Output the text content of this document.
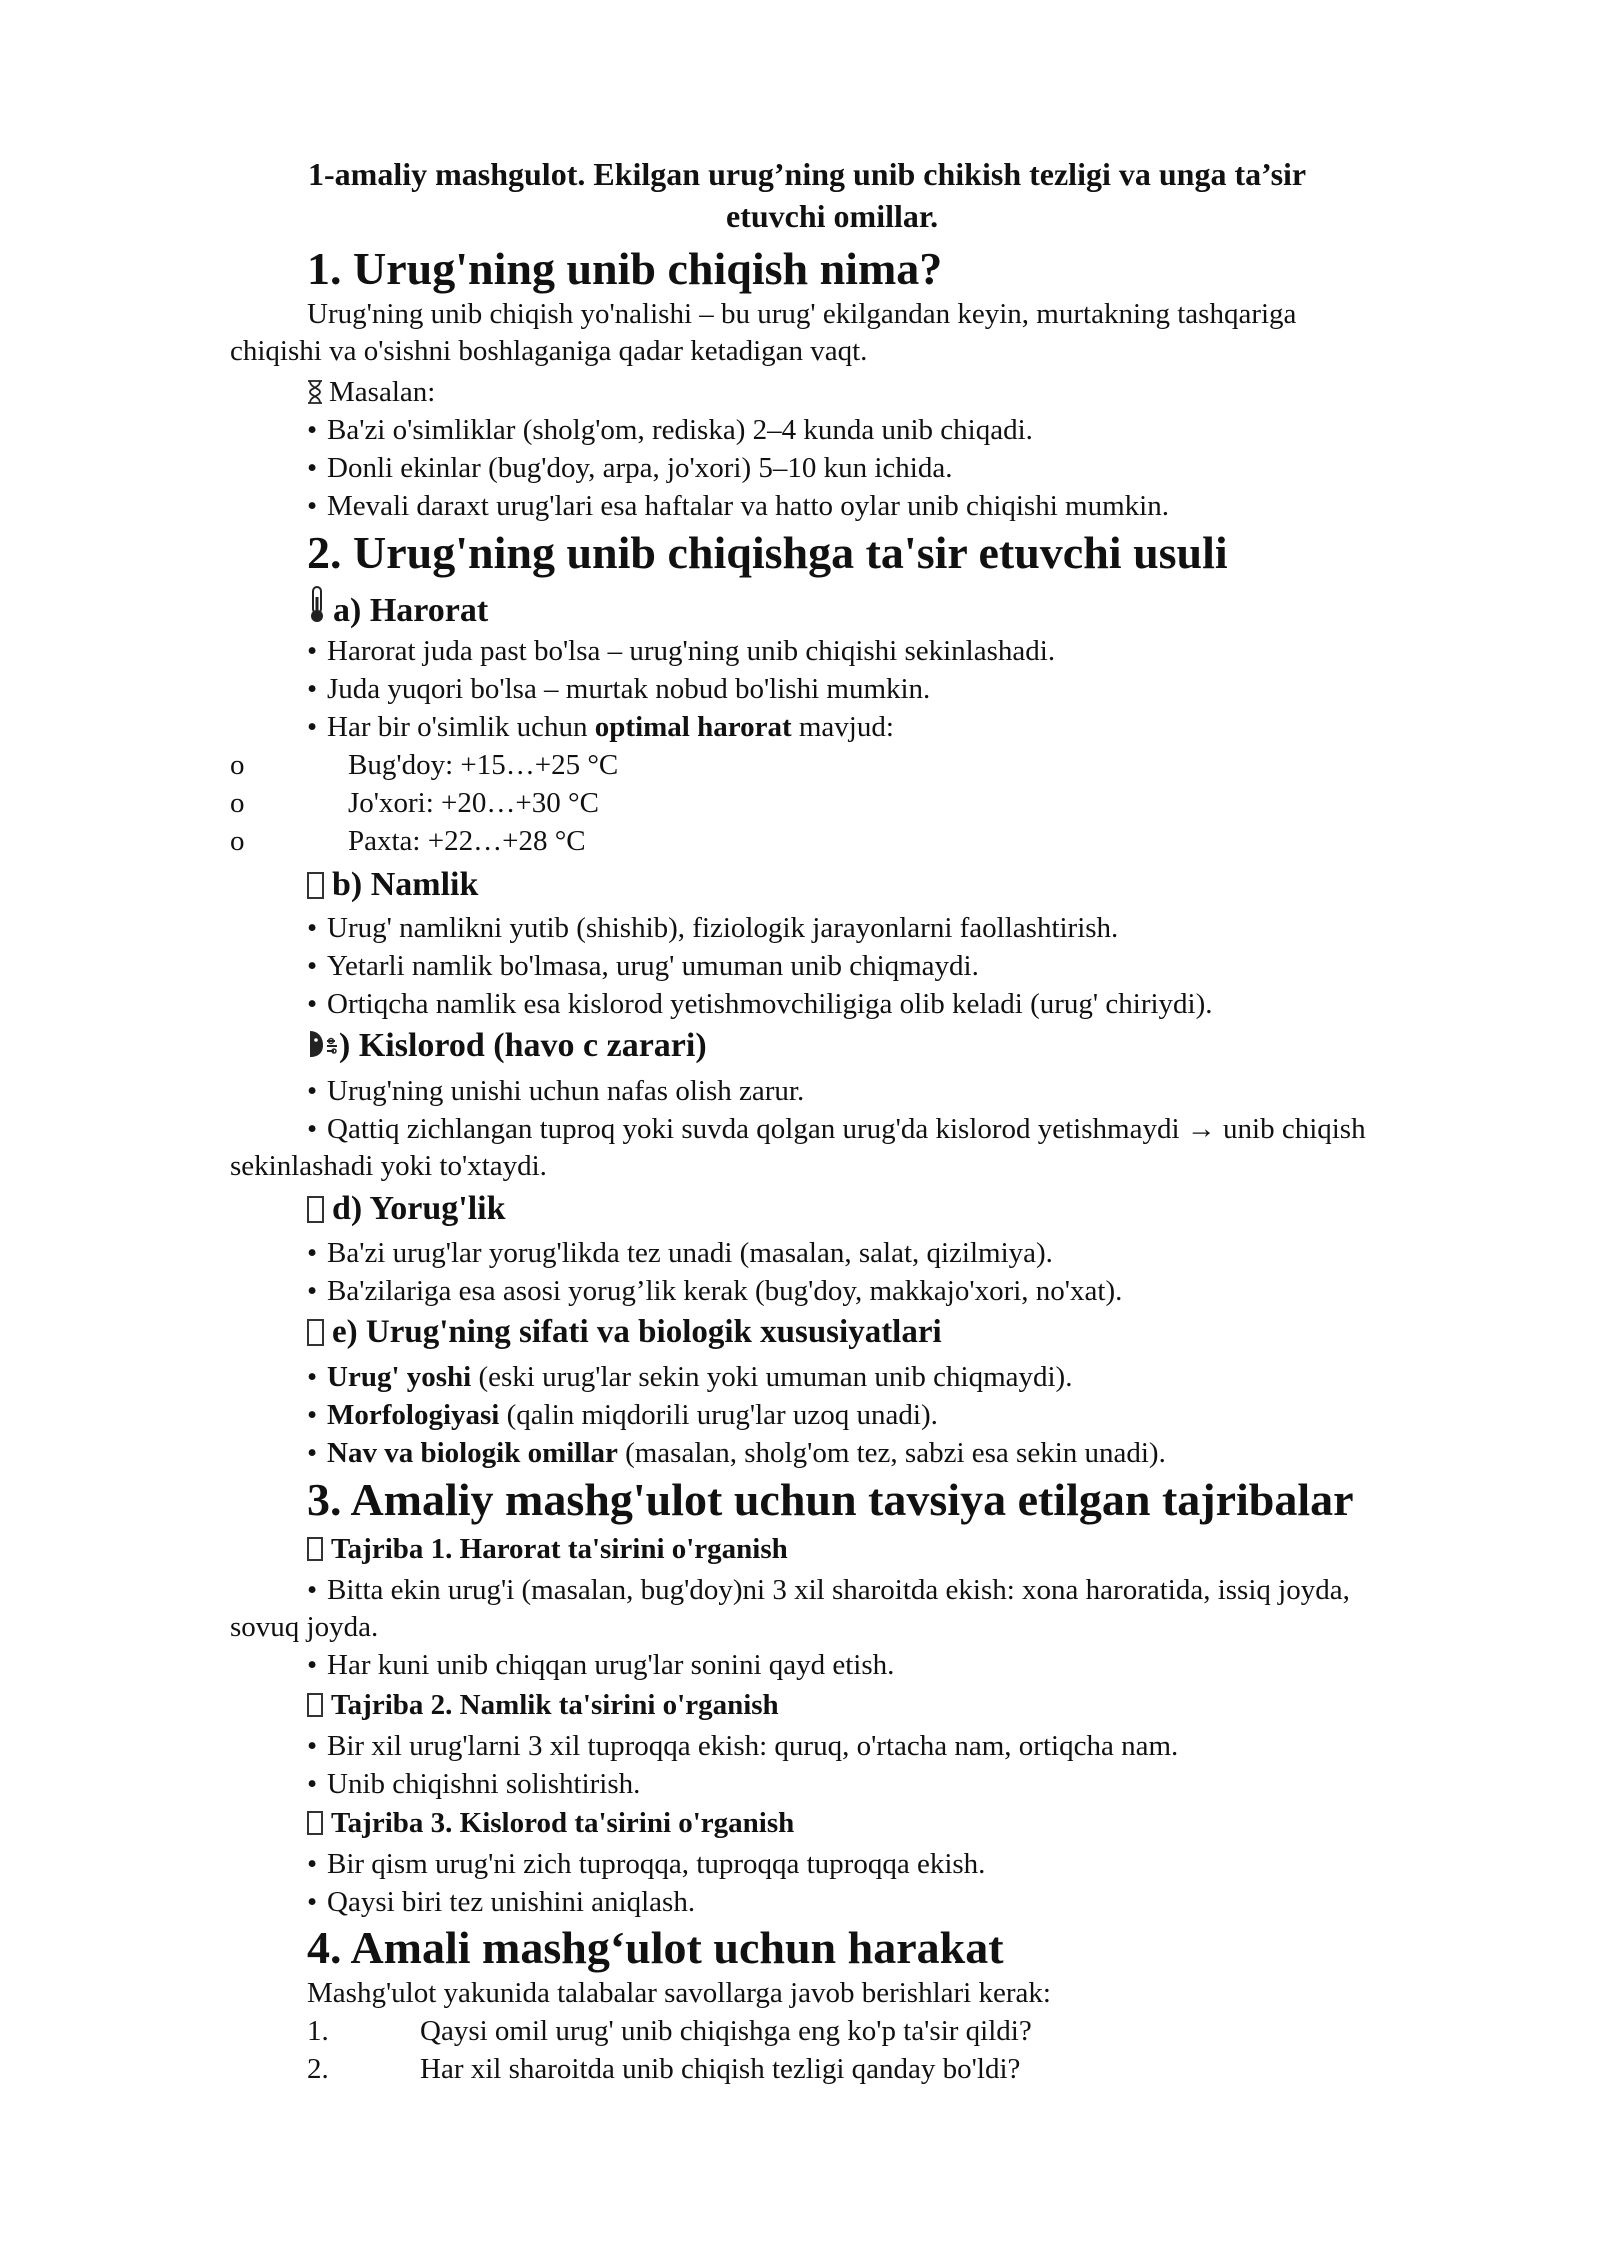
1-amaliy mashgulot. Ekilgan urug’ning unib chikish tezligi va unga ta’sir
etuvchi omillar.
1. Urug'ning unib chiqish nima?
Urug'ning unib chiqish yo'nalishi – bu urug' ekilgandan keyin, murtakning tashqariga
chiqishi va o'sishni boshlaganiga qadar ketadigan vaqt.
Masalan:
• Ba'zi o'simliklar (sholg'om, rediska) 2–4 kunda unib chiqadi.
• Donli ekinlar (bug'doy, arpa, jo'xori) 5–10 kun ichida.
• Mevali daraxt urug'lari esa haftalar va hatto oylar unib chiqishi mumkin.
2. Urug'ning unib chiqishga ta'sir etuvchi usuli
a) Harorat
• Harorat juda past bo'lsa – urug'ning unib chiqishi sekinlashadi.
• Juda yuqori bo'lsa – murtak nobud bo'lishi mumkin.
• Har bir o'simlik uchun optimal harorat mavjud:
o	Bug'doy: +15…+25 °C
o	Jo'xori: +20…+30 °C
o	Paxta: +22…+28 °C
b) Namlik
• Urug' namlikni yutib (shishib), fiziologik jarayonlarni faollashtirish.
• Yetarli namlik bo'lmasa, urug' umuman unib chiqmaydi.
• Ortiqcha namlik esa kislorod yetishmovchiligiga olib keladi (urug' chiriydi).
) Kislorod (havo c zarari)
• Urug'ning unishi uchun nafas olish zarur.
• Qattiq zichlangan tuproq yoki suvda qolgan urug'da kislorod yetishmaydi → unib chiqish
sekinlashadi yoki to'xtaydi.
d) Yorug'lik
• Ba'zi urug'lar yorug'likda tez unadi (masalan, salat, qizilmiya).
• Ba'zilariga esa asosi yorug’lik kerak (bug'doy, makkajo'xori, no'xat).
e) Urug'ning sifati va biologik xususiyatlari
• Urug' yoshi (eski urug'lar sekin yoki umuman unib chiqmaydi).
• Morfologiyasi (qalin miqdorili urug'lar uzoq unadi).
• Nav va biologik omillar (masalan, sholg'om tez, sabzi esa sekin unadi).
3. Amaliy mashg'ulot uchun tavsiya etilgan tajribalar
Tajriba 1. Harorat ta'sirini o'rganish
• Bitta ekin urug'i (masalan, bug'doy)ni 3 xil sharoitda ekish: xona haroratida, issiq joyda,
sovuq joyda.
• Har kuni unib chiqqan urug'lar sonini qayd etish.
Tajriba 2. Namlik ta'sirini o'rganish
• Bir xil urug'larni 3 xil tuproqqa ekish: quruq, o'rtacha nam, ortiqcha nam.
• Unib chiqishni solishtirish.
Tajriba 3. Kislorod ta'sirini o'rganish
• Bir qism urug'ni zich tuproqqa, tuproqqa tuproqqa ekish.
• Qaysi biri tez unishini aniqlash.
4. Amali mashg‘ulot uchun harakat
Mashg'ulot yakunida talabalar savollarga javob berishlari kerak:
1.	Qaysi omil urug' unib chiqishga eng ko'p ta'sir qildi?
2.	Har xil sharoitda unib chiqish tezligi qanday bo'ldi?
